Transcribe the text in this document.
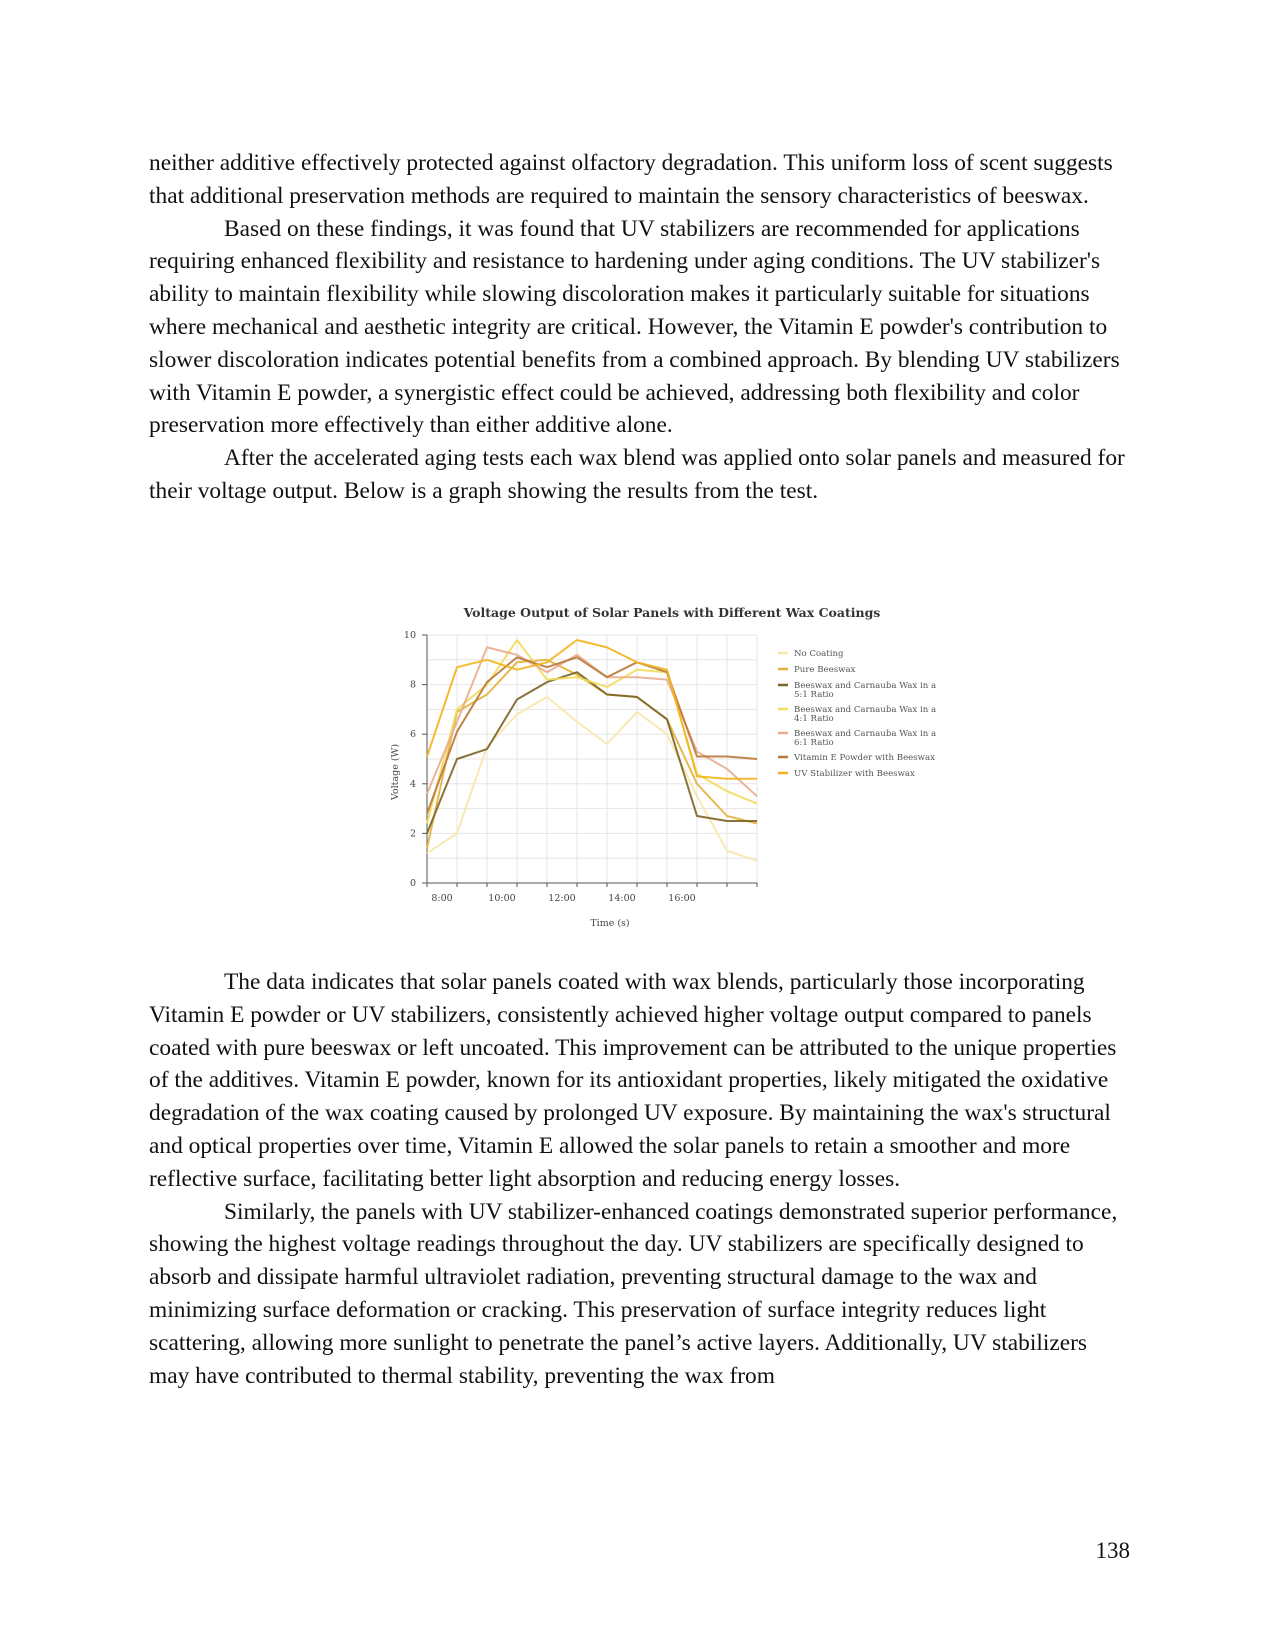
neither additive effectively protected against olfactory degradation. This uniform loss of scent suggests that additional preservation methods are required to maintain the sensory characteristics of beeswax.

Based on these findings, it was found that UV stabilizers are recommended for applications requiring enhanced flexibility and resistance to hardening under aging conditions. The UV stabilizer's ability to maintain flexibility while slowing discoloration makes it particularly suitable for situations where mechanical and aesthetic integrity are critical. However, the Vitamin E powder's contribution to slower discoloration indicates potential benefits from a combined approach. By blending UV stabilizers with Vitamin E powder, a synergistic effect could be achieved, addressing both flexibility and color preservation more effectively than either additive alone.

After the accelerated aging tests each wax blend was applied onto solar panels and measured for their voltage output. Below is a graph showing the results from the test.

Voltage Output of Solar Panels with Different Wax Coatings
0
2
4
6
8
10
8:00	10:00	12:00	14:00	16:00
No Coating
Pure Beeswax
Beeswax and Carnauba Wax in a
5:1 Ratio
Beeswax and Carnauba Wax in a
4:1 Ratio
Beeswax and Carnauba Wax in a
6:1 Ratio
Vitamin E Powder with Beeswax
UV Stabilizer with Beeswax
Time (s)
Voltage (W)

The data indicates that solar panels coated with wax blends, particularly those incorporating Vitamin E powder or UV stabilizers, consistently achieved higher voltage output compared to panels coated with pure beeswax or left uncoated. This improvement can be attributed to the unique properties of the additives. Vitamin E powder, known for its antioxidant properties, likely mitigated the oxidative degradation of the wax coating caused by prolonged UV exposure. By maintaining the wax's structural and optical properties over time, Vitamin E allowed the solar panels to retain a smoother and more reflective surface, facilitating better light absorption and reducing energy losses.

Similarly, the panels with UV stabilizer-enhanced coatings demonstrated superior performance, showing the highest voltage readings throughout the day. UV stabilizers are specifically designed to absorb and dissipate harmful ultraviolet radiation, preventing structural damage to the wax and minimizing surface deformation or cracking. This preservation of surface integrity reduces light scattering, allowing more sunlight to penetrate the panel’s active layers. Additionally, UV stabilizers may have contributed to thermal stability, preventing the wax from

138
